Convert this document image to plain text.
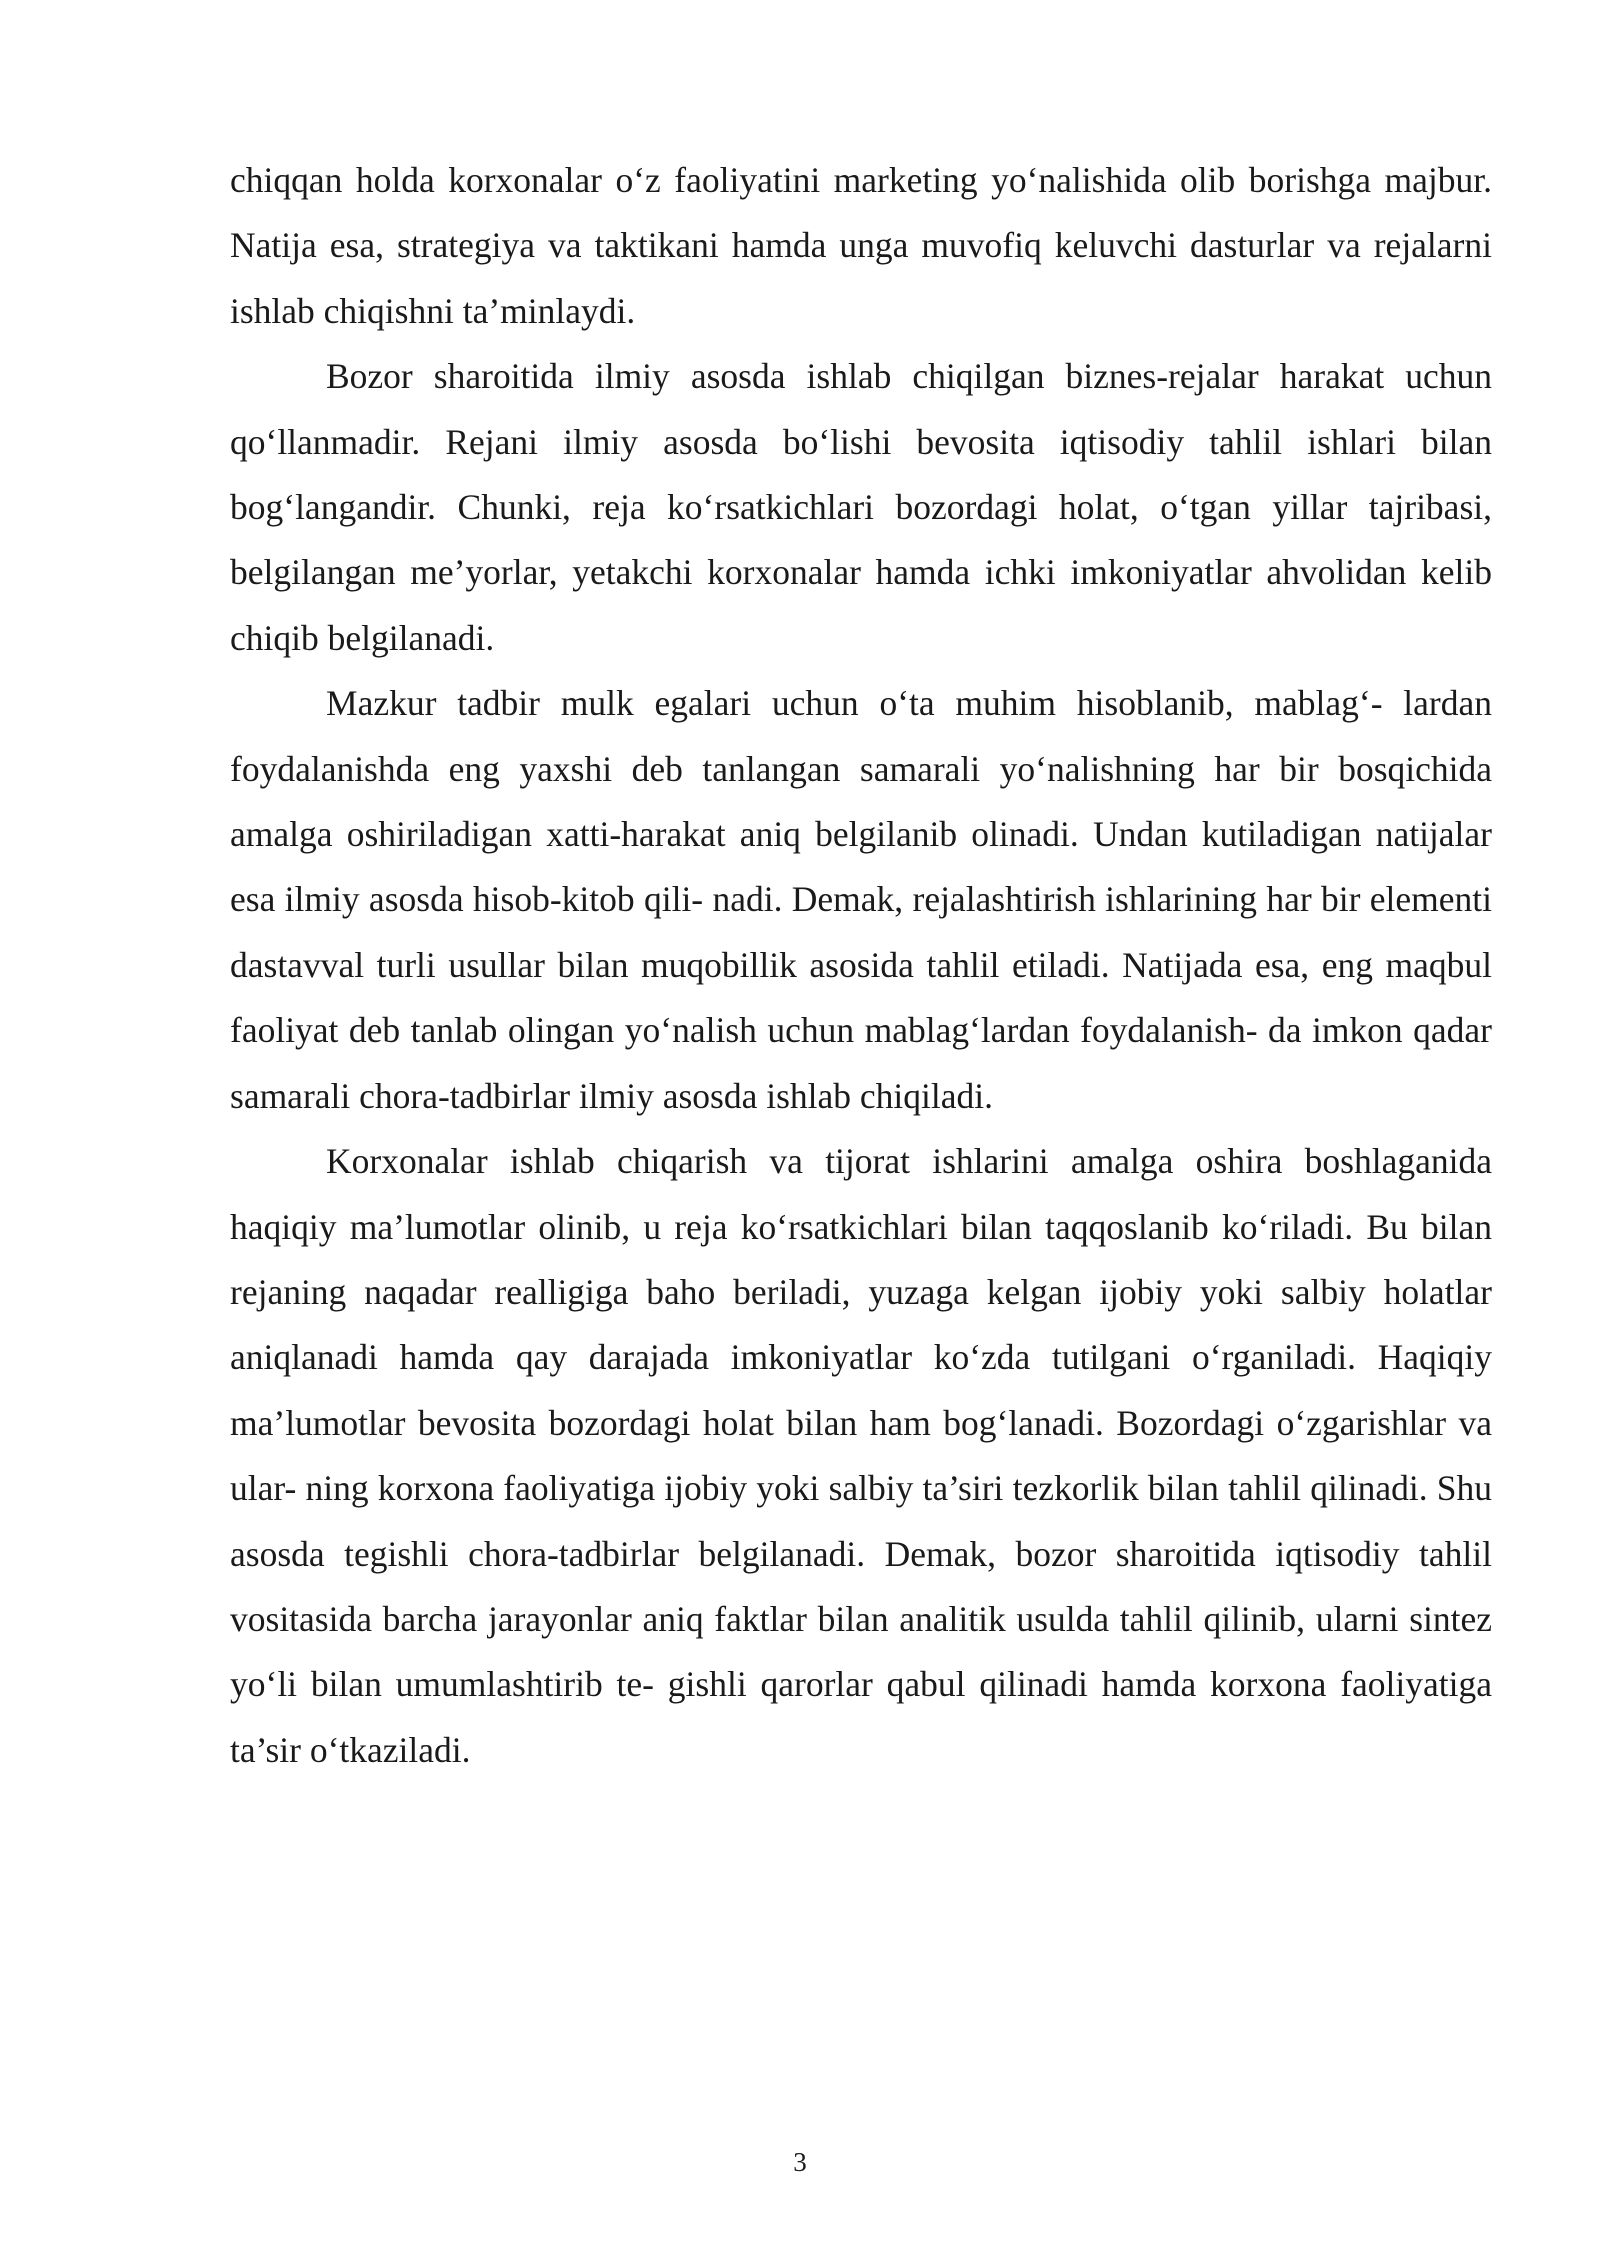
chiqqan holda korxonalar o‘z faoliyatini marketing yo‘nalishida olib borishga majbur. Natija esa, strategiya va taktikani hamda unga muvofiq keluvchi dasturlar va rejalarni ishlab chiqishni ta’minlaydi.

Bozor sharoitida ilmiy asosda ishlab chiqilgan biznes-rejalar harakat uchun qo‘llanmadir. Rejani ilmiy asosda bo‘lishi bevosita iqtisodiy tahlil ishlari bilan bog‘langandir. Chunki, reja ko‘rsatkichlari bozordagi holat, o‘tgan yillar tajribasi, belgilangan me’yorlar, yetakchi korxonalar hamda ichki imkoniyatlar ahvolidan kelib chiqib belgilanadi.

Mazkur tadbir mulk egalari uchun o‘ta muhim hisoblanib, mablag‘- lardan foydalanishda eng yaxshi deb tanlangan samarali yo‘nalishning har bir bosqichida amalga oshiriladigan xatti-harakat aniq belgilanib olinadi. Undan kutiladigan natijalar esa ilmiy asosda hisob-kitob qili- nadi. Demak, rejalashtirish ishlarining har bir elementi dastavval turli usullar bilan muqobillik asosida tahlil etiladi. Natijada esa, eng maqbul faoliyat deb tanlab olingan yo‘nalish uchun mablag‘lardan foydalanish- da imkon qadar samarali chora-tadbirlar ilmiy asosda ishlab chiqiladi.

Korxonalar ishlab chiqarish va tijorat ishlarini amalga oshira boshlaganida haqiqiy ma’lumotlar olinib, u reja ko‘rsatkichlari bilan taqqoslanib ko‘riladi. Bu bilan rejaning naqadar realligiga baho beriladi, yuzaga kelgan ijobiy yoki salbiy holatlar aniqlanadi hamda qay darajada imkoniyatlar ko‘zda tutilgani o‘rganiladi. Haqiqiy ma’lumotlar bevosita bozordagi holat bilan ham bog‘lanadi. Bozordagi o‘zgarishlar va ular- ning korxona faoliyatiga ijobiy yoki salbiy ta’siri tezkorlik bilan tahlil qilinadi. Shu asosda tegishli chora-tadbirlar belgilanadi. Demak, bozor sharoitida iqtisodiy tahlil vositasida barcha jarayonlar aniq faktlar bilan analitik usulda tahlil qilinib, ularni sintez yo‘li bilan umumlashtirib te- gishli qarorlar qabul qilinadi hamda korxona faoliyatiga ta’sir o‘tkaziladi.

3
